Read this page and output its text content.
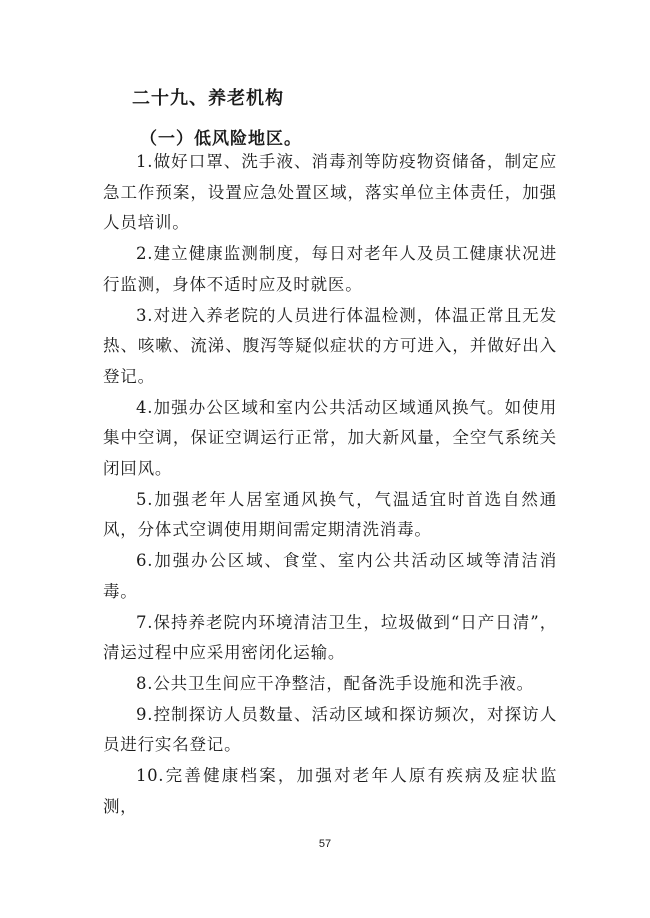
二十九、养老机构
（一）低风险地区。

1.做好口罩、洗手液、消毒剂等防疫物资储备，制定应急工作预案，设置应急处置区域，落实单位主体责任，加强人员培训。

2.建立健康监测制度，每日对老年人及员工健康状况进行监测，身体不适时应及时就医。

3.对进入养老院的人员进行体温检测，体温正常且无发热、咳嗽、流涕、腹泻等疑似症状的方可进入，并做好出入登记。

4.加强办公区域和室内公共活动区域通风换气。如使用集中空调，保证空调运行正常，加大新风量，全空气系统关闭回风。

5.加强老年人居室通风换气，气温适宜时首选自然通风，分体式空调使用期间需定期清洗消毒。

6.加强办公区域、食堂、室内公共活动区域等清洁消毒。

7.保持养老院内环境清洁卫生，垃圾做到“日产日清”，清运过程中应采用密闭化运输。

8.公共卫生间应干净整洁，配备洗手设施和洗手液。

9.控制探访人员数量、活动区域和探访频次，对探访人员进行实名登记。

10.完善健康档案，加强对老年人原有疾病及症状监测，

57
